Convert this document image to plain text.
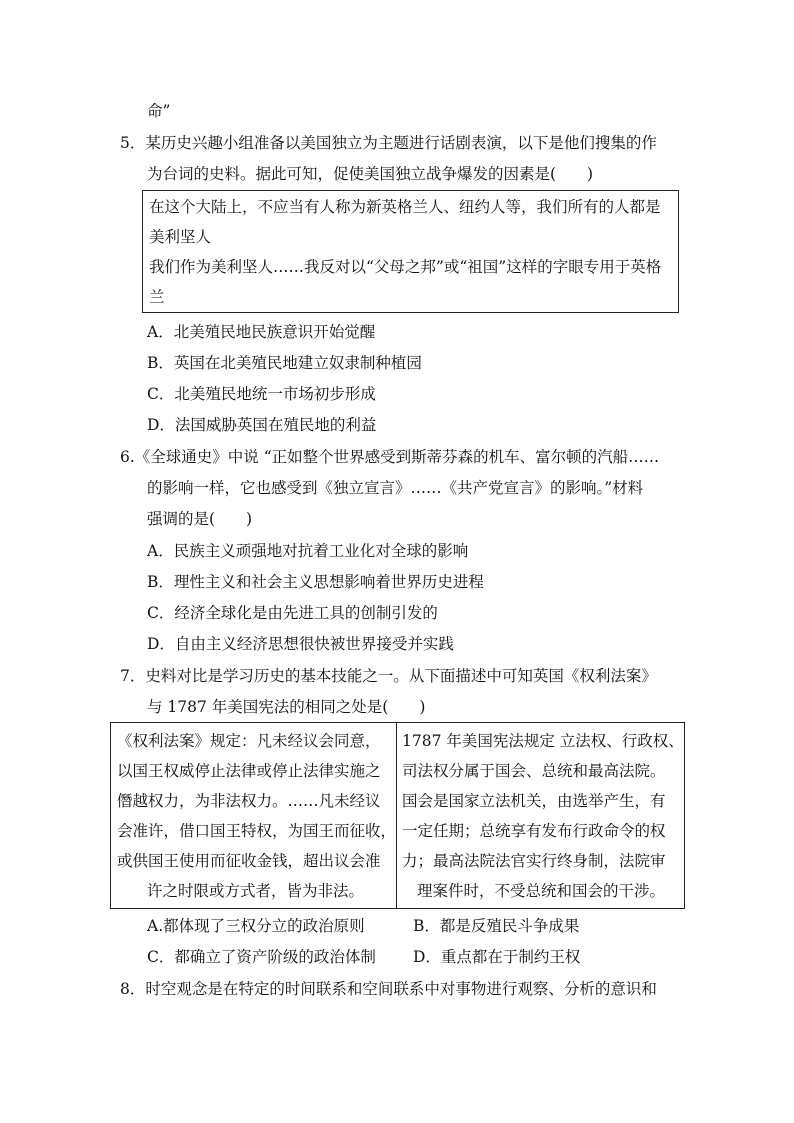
命”
5．某历史兴趣小组准备以美国独立为主题进行话剧表演，以下是他们搜集的作
为台词的史料。据此可知，促使美国独立战争爆发的因素是(　　)
在这个大陆上，不应当有人称为新英格兰人、纽约人等，我们所有的人都是
美利坚人
我们作为美利坚人……我反对以“父母之邦”或“祖国”这样的字眼专用于英格
兰
A．北美殖民地民族意识开始觉醒
B．英国在北美殖民地建立奴隶制种植园
C．北美殖民地统一市场初步形成
D．法国威胁英国在殖民地的利益
6.《全球通史》中说 “正如整个世界感受到斯蒂芬森的机车、富尔顿的汽船……
的影响一样，它也感受到《独立宣言》……《共产党宣言》的影响。”材料
强调的是(　　)
A．民族主义顽强地对抗着工业化对全球的影响
B．理性主义和社会主义思想影响着世界历史进程
C．经济全球化是由先进工具的创制引发的
D．自由主义经济思想很快被世界接受并实践
7．史料对比是学习历史的基本技能之一。从下面描述中可知英国《权利法案》
与 1787 年美国宪法的相同之处是(　　)
《权利法案》规定：凡未经议会同意，
以国王权威停止法律或停止法律实施之
僭越权力，为非法权力。……凡未经议
会准许，借口国王特权，为国王而征收，
或供国王使用而征收金钱，超出议会准
许之时限或方式者，皆为非法。
1787 年美国宪法规定 立法权、行政权、
司法权分属于国会、总统和最高法院。
国会是国家立法机关，由选举产生，有
一定任期；总统享有发布行政命令的权
力；最高法院法官实行终身制，法院审
理案件时，不受总统和国会的干涉。
A.都体现了三权分立的政治原则	B．都是反殖民斗争成果
C．都确立了资产阶级的政治体制 D．重点都在于制约王权
8．时空观念是在特定的时间联系和空间联系中对事物进行观察、分析的意识和
